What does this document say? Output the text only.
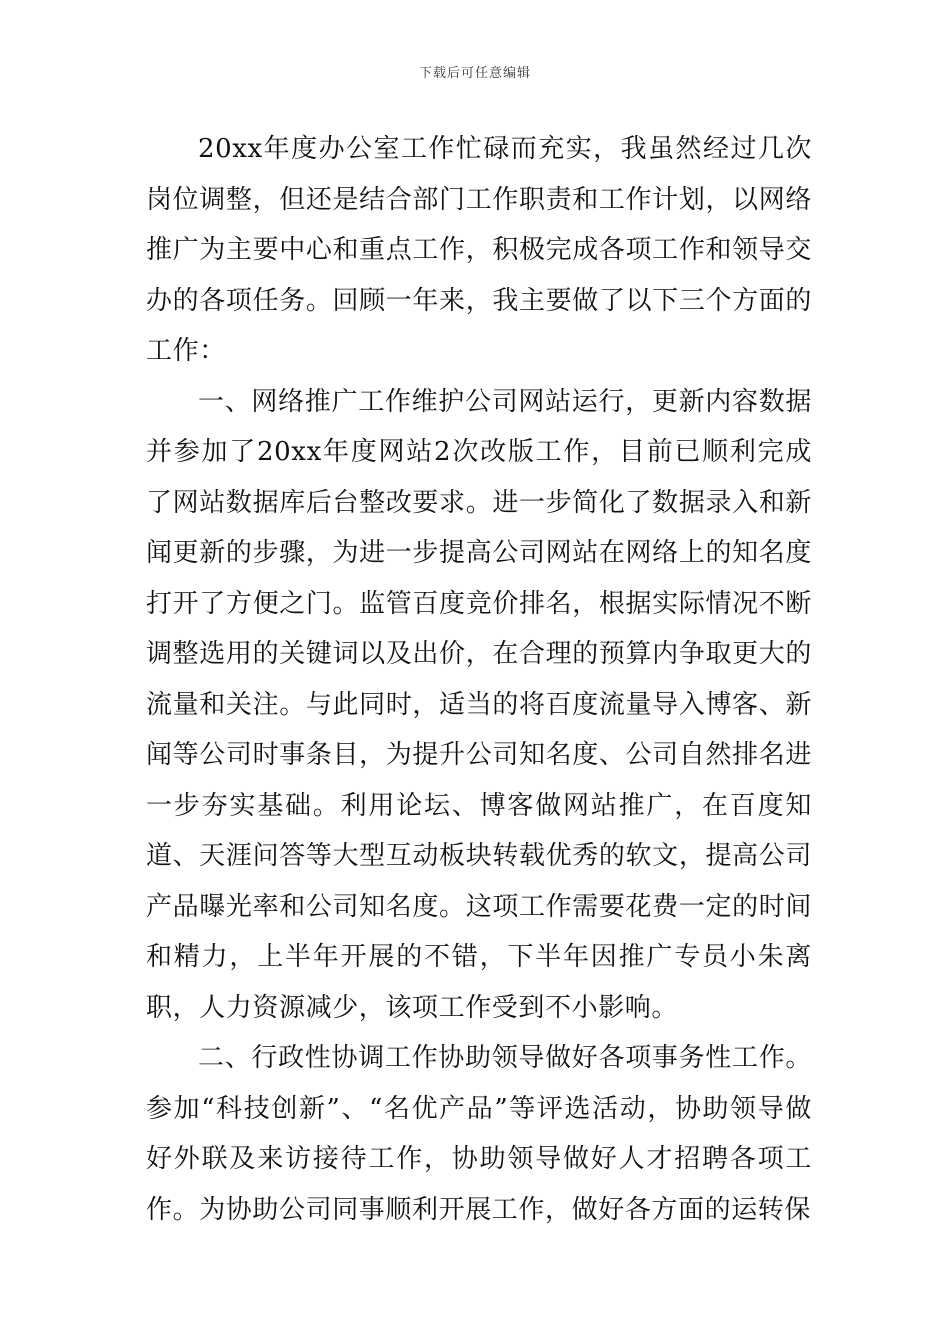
下载后可任意编辑

20xx年度办公室工作忙碌而充实，我虽然经过几次岗位调整，但还是结合部门工作职责和工作计划，以网络推广为主要中心和重点工作，积极完成各项工作和领导交办的各项任务。回顾一年来，我主要做了以下三个方面的工作：

一、网络推广工作维护公司网站运行，更新内容数据并参加了20xx年度网站2次改版工作，目前已顺利完成了网站数据库后台整改要求。进一步简化了数据录入和新闻更新的步骤，为进一步提高公司网站在网络上的知名度打开了方便之门。监管百度竞价排名，根据实际情况不断调整选用的关键词以及出价，在合理的预算内争取更大的流量和关注。与此同时，适当的将百度流量导入博客、新闻等公司时事条目，为提升公司知名度、公司自然排名进一步夯实基础。利用论坛、博客做网站推广，在百度知道、天涯问答等大型互动板块转载优秀的软文，提高公司产品曝光率和公司知名度。这项工作需要花费一定的时间和精力，上半年开展的不错，下半年因推广专员小朱离职，人力资源减少，该项工作受到不小影响。

二、行政性协调工作协助领导做好各项事务性工作。参加“科技创新”、“名优产品”等评选活动，协助领导做好外联及来访接待工作，协助领导做好人才招聘各项工作。为协助公司同事顺利开展工作，做好各方面的运转保
